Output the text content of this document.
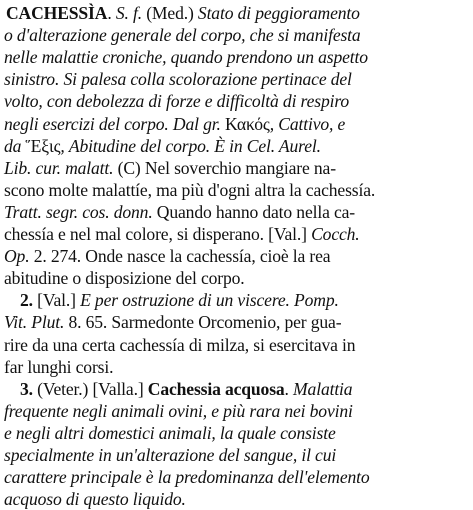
CACHESSÌA. S. f. (Med.) Stato di peggioramento
o d'alterazione generale del corpo, che si manifesta
nelle malattie croniche, quando prendono un aspetto
sinistro. Si palesa colla scolorazione pertinace del
volto, con debolezza di forze e difficoltà di respiro
negli esercizi del corpo. Dal gr. Κακός, Cattivo, e
da Ἕξις, Abitudine del corpo. È in Cel. Aurel.
Lib. cur. malatt. (C) Nel soverchio mangiare na-
scono molte malattíe, ma più d'ogni altra la cachessía.
Tratt. segr. cos. donn. Quando hanno dato nella ca-
chessía e nel mal colore, si disperano. [Val.] Cocch.
Op. 2. 274. Onde nasce la cachessía, cioè la rea
abitudine o disposizione del corpo.
2. [Val.] E per ostruzione di un viscere. Pomp.
Vit. Plut. 8. 65. Sarmedonte Orcomenio, per gua-
rire da una certa cachessía di milza, si esercitava in
far lunghi corsi.
3. (Veter.) [Valla.] Cachessia acquosa. Malattia
frequente negli animali ovini, e più rara nei bovini
e negli altri domestici animali, la quale consiste
specialmente in un'alterazione del sangue, il cui
carattere principale è la predominanza dell'elemento
acquoso di questo liquido.
